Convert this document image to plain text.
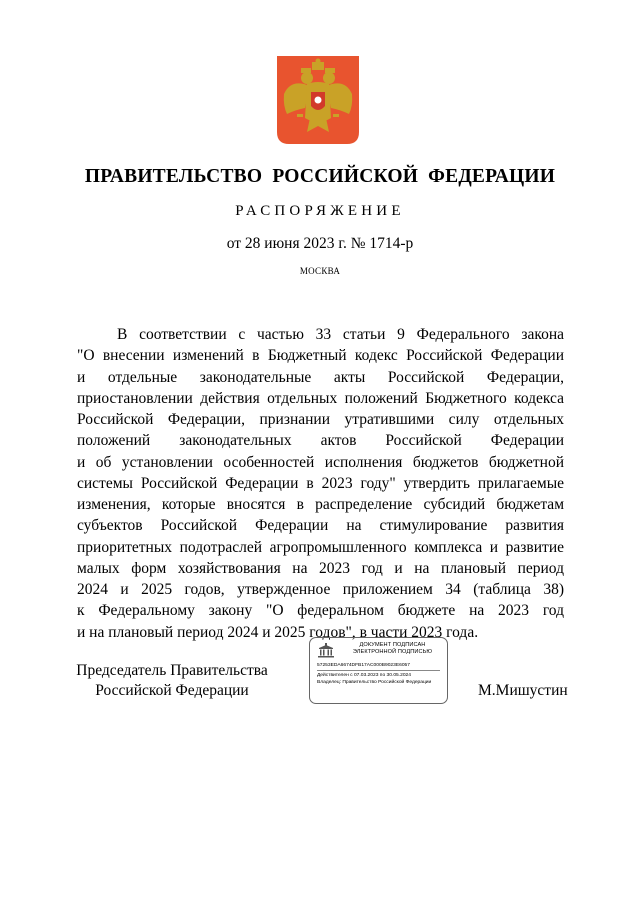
ПРАВИТЕЛЬСТВО РОССИЙСКОЙ ФЕДЕРАЦИИ
РАСПОРЯЖЕНИЕ
от 28 июня 2023 г. № 1714-р
МОСКВА
В соответствии с частью 33 статьи 9 Федерального закона
"О внесении изменений в Бюджетный кодекс Российской Федерации
и отдельные законодательные акты Российской Федерации,
приостановлении действия отдельных положений Бюджетного кодекса
Российской Федерации, признании утратившими силу отдельных
положений законодательных актов Российской Федерации
и об установлении особенностей исполнения бюджетов бюджетной
системы Российской Федерации в 2023 году" утвердить прилагаемые
изменения, которые вносятся в распределение субсидий бюджетам
субъектов Российской Федерации на стимулирование развития
приоритетных подотраслей агропромышленного комплекса и развитие
малых форм хозяйствования на 2023 год и на плановый период
2024 и 2025 годов, утвержденное приложением 34 (таблица 38)
к Федеральному закону "О федеральном бюджете на 2023 год
и на плановый период 2024 и 2025 годов", в части 2023 года.
Председатель Правительства
Российской Федерации
ДОКУМЕНТ ПОДПИСАН
ЭЛЕКТРОННОЙ ПОДПИСЬЮ
57253EDA6674DFB17AC000B9023E6057
Действителен с 07.03.2023 по 30.05.2024
Владелец: Правительство Российской Федерации	М.Мишустин
